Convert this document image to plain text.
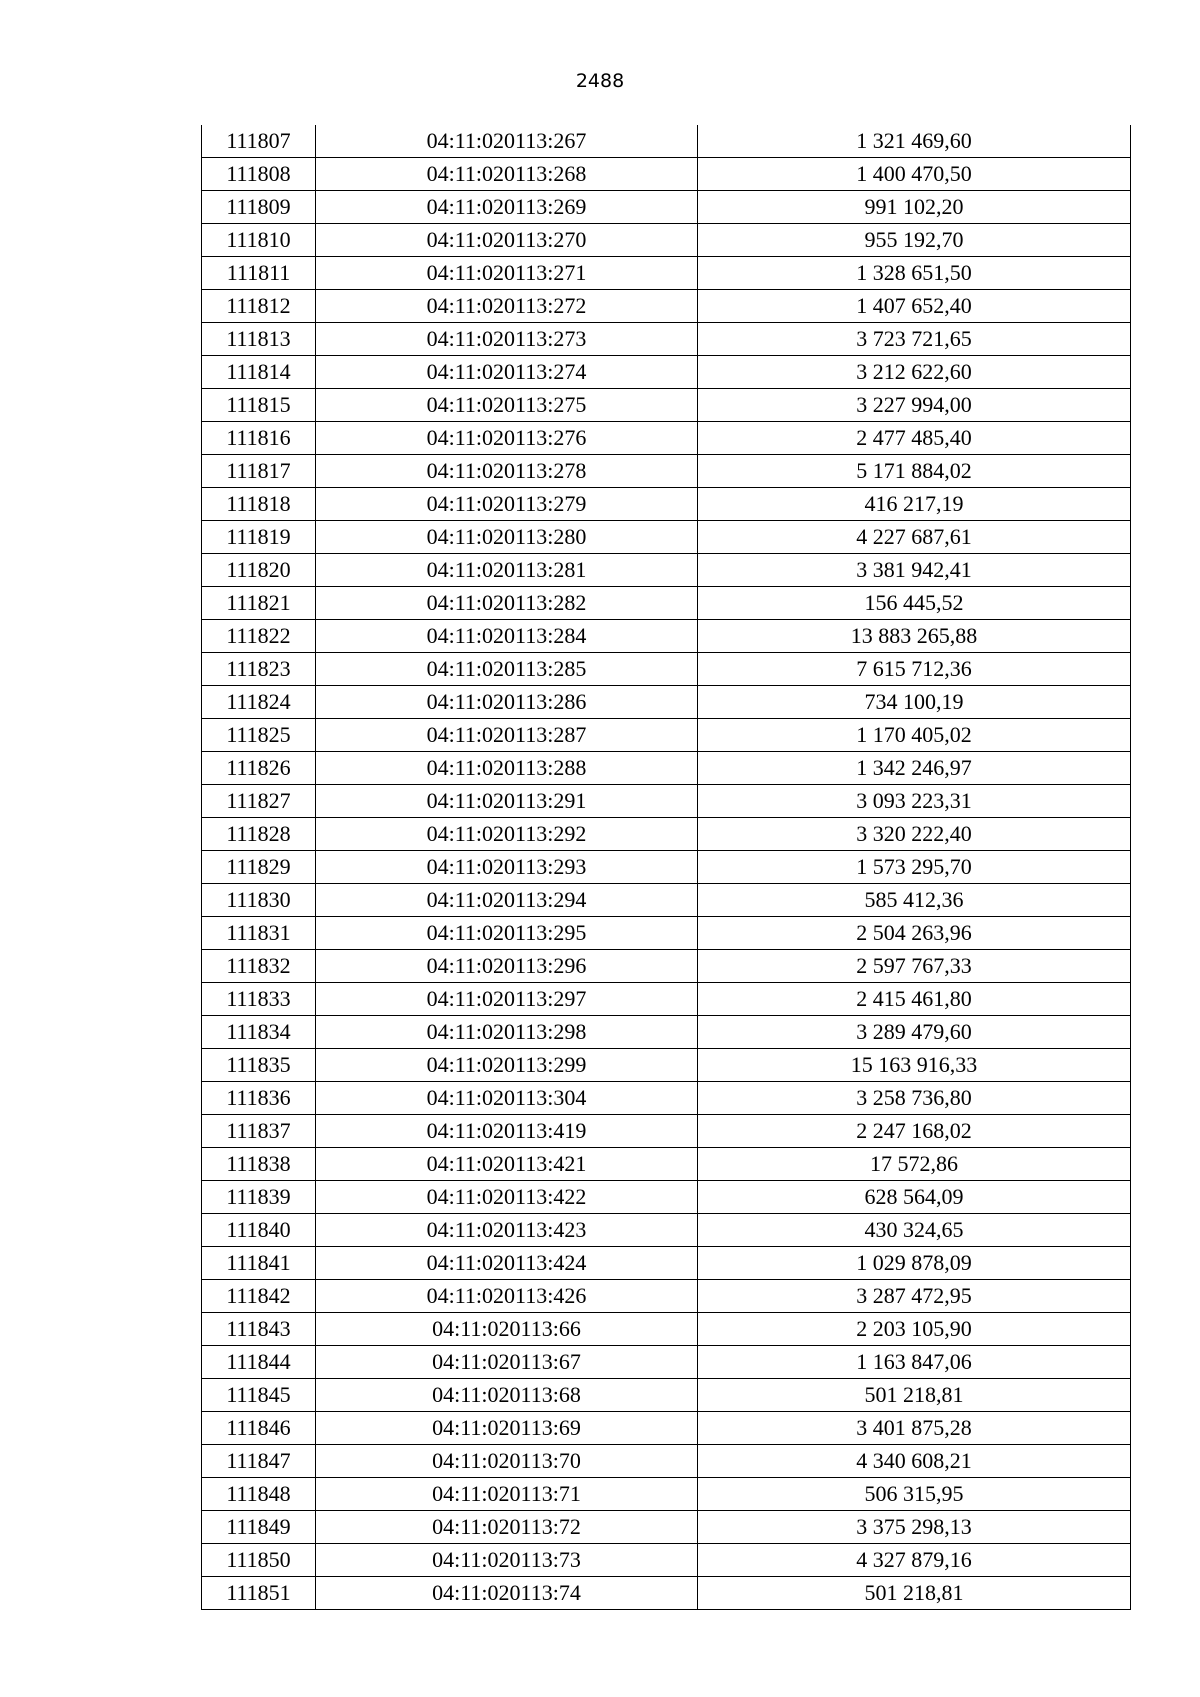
2488
111807	04:11:020113:267	1 321 469,60
111808	04:11:020113:268	1 400 470,50
111809	04:11:020113:269	991 102,20
111810	04:11:020113:270	955 192,70
111811	04:11:020113:271	1 328 651,50
111812	04:11:020113:272	1 407 652,40
111813	04:11:020113:273	3 723 721,65
111814	04:11:020113:274	3 212 622,60
111815	04:11:020113:275	3 227 994,00
111816	04:11:020113:276	2 477 485,40
111817	04:11:020113:278	5 171 884,02
111818	04:11:020113:279	416 217,19
111819	04:11:020113:280	4 227 687,61
111820	04:11:020113:281	3 381 942,41
111821	04:11:020113:282	156 445,52
111822	04:11:020113:284	13 883 265,88
111823	04:11:020113:285	7 615 712,36
111824	04:11:020113:286	734 100,19
111825	04:11:020113:287	1 170 405,02
111826	04:11:020113:288	1 342 246,97
111827	04:11:020113:291	3 093 223,31
111828	04:11:020113:292	3 320 222,40
111829	04:11:020113:293	1 573 295,70
111830	04:11:020113:294	585 412,36
111831	04:11:020113:295	2 504 263,96
111832	04:11:020113:296	2 597 767,33
111833	04:11:020113:297	2 415 461,80
111834	04:11:020113:298	3 289 479,60
111835	04:11:020113:299	15 163 916,33
111836	04:11:020113:304	3 258 736,80
111837	04:11:020113:419	2 247 168,02
111838	04:11:020113:421	17 572,86
111839	04:11:020113:422	628 564,09
111840	04:11:020113:423	430 324,65
111841	04:11:020113:424	1 029 878,09
111842	04:11:020113:426	3 287 472,95
111843	04:11:020113:66	2 203 105,90
111844	04:11:020113:67	1 163 847,06
111845	04:11:020113:68	501 218,81
111846	04:11:020113:69	3 401 875,28
111847	04:11:020113:70	4 340 608,21
111848	04:11:020113:71	506 315,95
111849	04:11:020113:72	3 375 298,13
111850	04:11:020113:73	4 327 879,16
111851	04:11:020113:74	501 218,81
